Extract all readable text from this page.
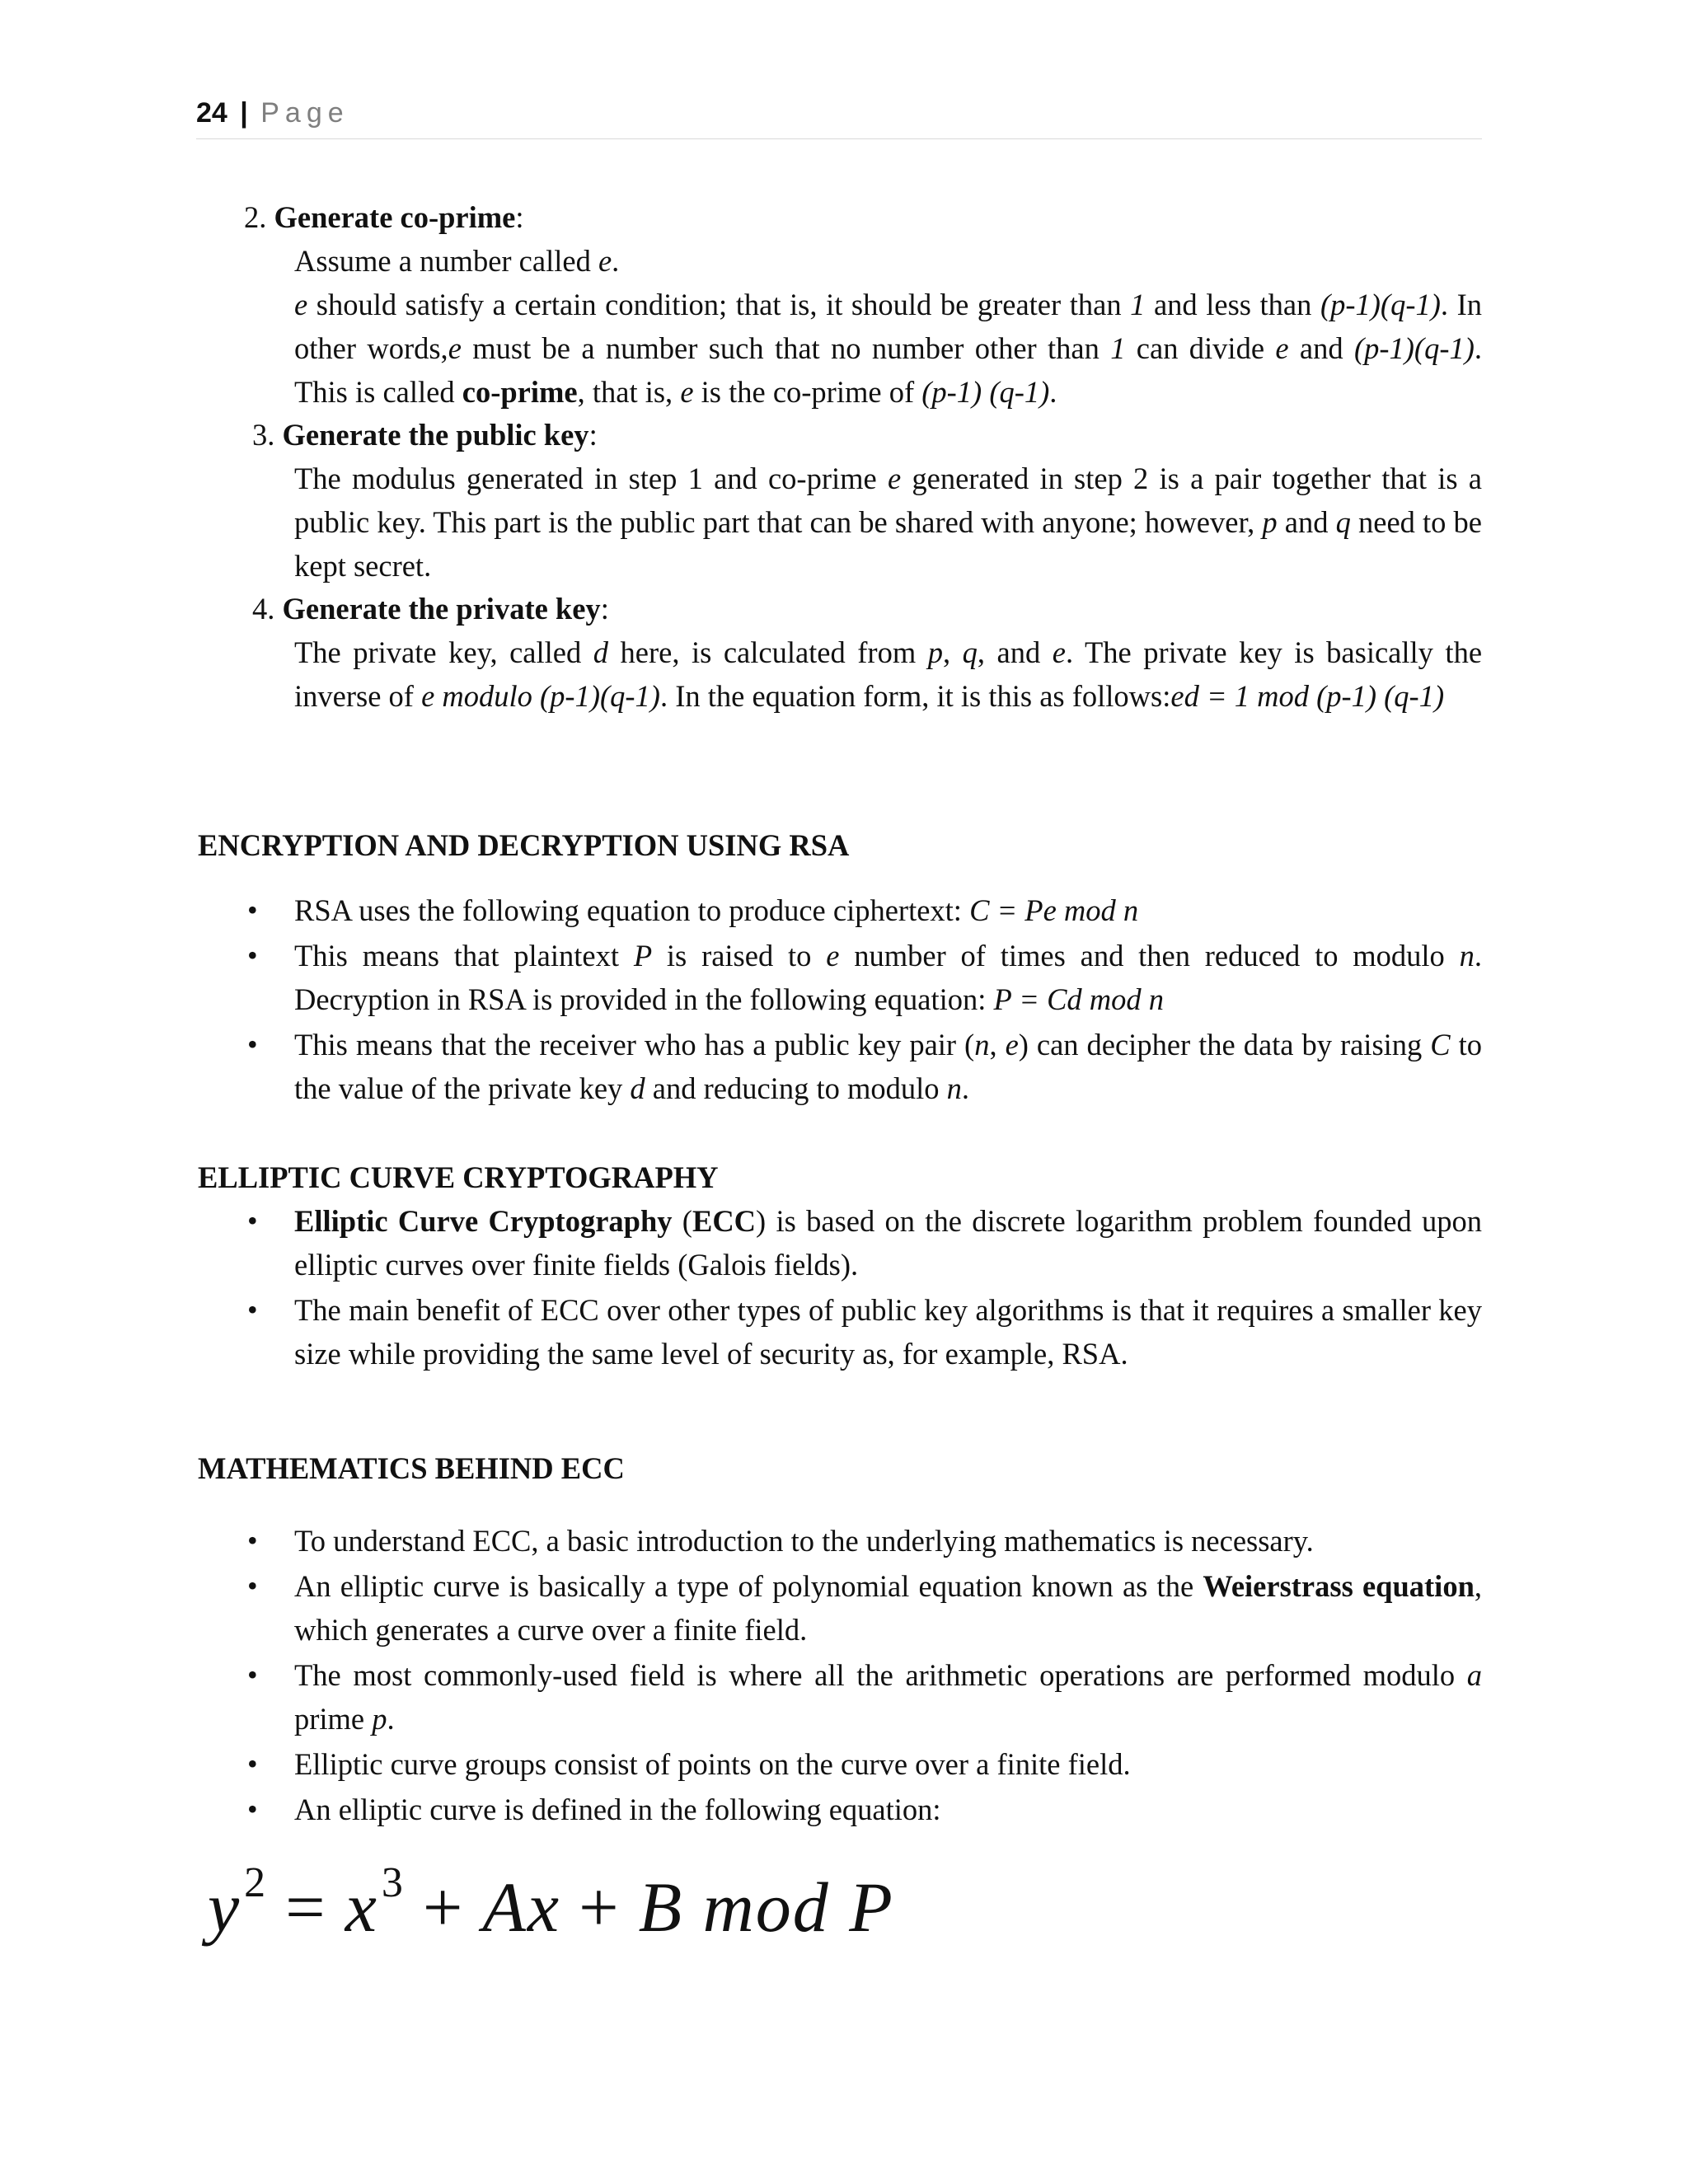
24 | Page
2. Generate co-prime:
Assume a number called e.
e should satisfy a certain condition; that is, it should be greater than 1 and less than (p-1)(q-1). In other words,e must be a number such that no number other than 1 can divide e and (p-1)(q-1). This is called co-prime, that is, e is the co-prime of (p-1) (q-1).
3. Generate the public key:
The modulus generated in step 1 and co-prime e generated in step 2 is a pair together that is a public key. This part is the public part that can be shared with anyone; however, p and q need to be kept secret.
4. Generate the private key:
The private key, called d here, is calculated from p, q, and e. The private key is basically the inverse of e modulo (p-1)(q-1). In the equation form, it is this as follows:ed = 1 mod (p-1) (q-1)
ENCRYPTION AND DECRYPTION USING RSA
• RSA uses the following equation to produce ciphertext: C = Pe mod n
• This means that plaintext P is raised to e number of times and then reduced to modulo n. Decryption in RSA is provided in the following equation: P = Cd mod n
• This means that the receiver who has a public key pair (n, e) can decipher the data by raising C to the value of the private key d and reducing to modulo n.
ELLIPTIC CURVE CRYPTOGRAPHY
• Elliptic Curve Cryptography (ECC) is based on the discrete logarithm problem founded upon elliptic curves over finite fields (Galois fields).
• The main benefit of ECC over other types of public key algorithms is that it requires a smaller key size while providing the same level of security as, for example, RSA.
MATHEMATICS BEHIND ECC
• To understand ECC, a basic introduction to the underlying mathematics is necessary.
• An elliptic curve is basically a type of polynomial equation known as the Weierstrass equation, which generates a curve over a finite field.
• The most commonly-used field is where all the arithmetic operations are performed modulo a prime p.
• Elliptic curve groups consist of points on the curve over a finite field.
• An elliptic curve is defined in the following equation:
$y^2 = x^3 + Ax + B$ mod P
